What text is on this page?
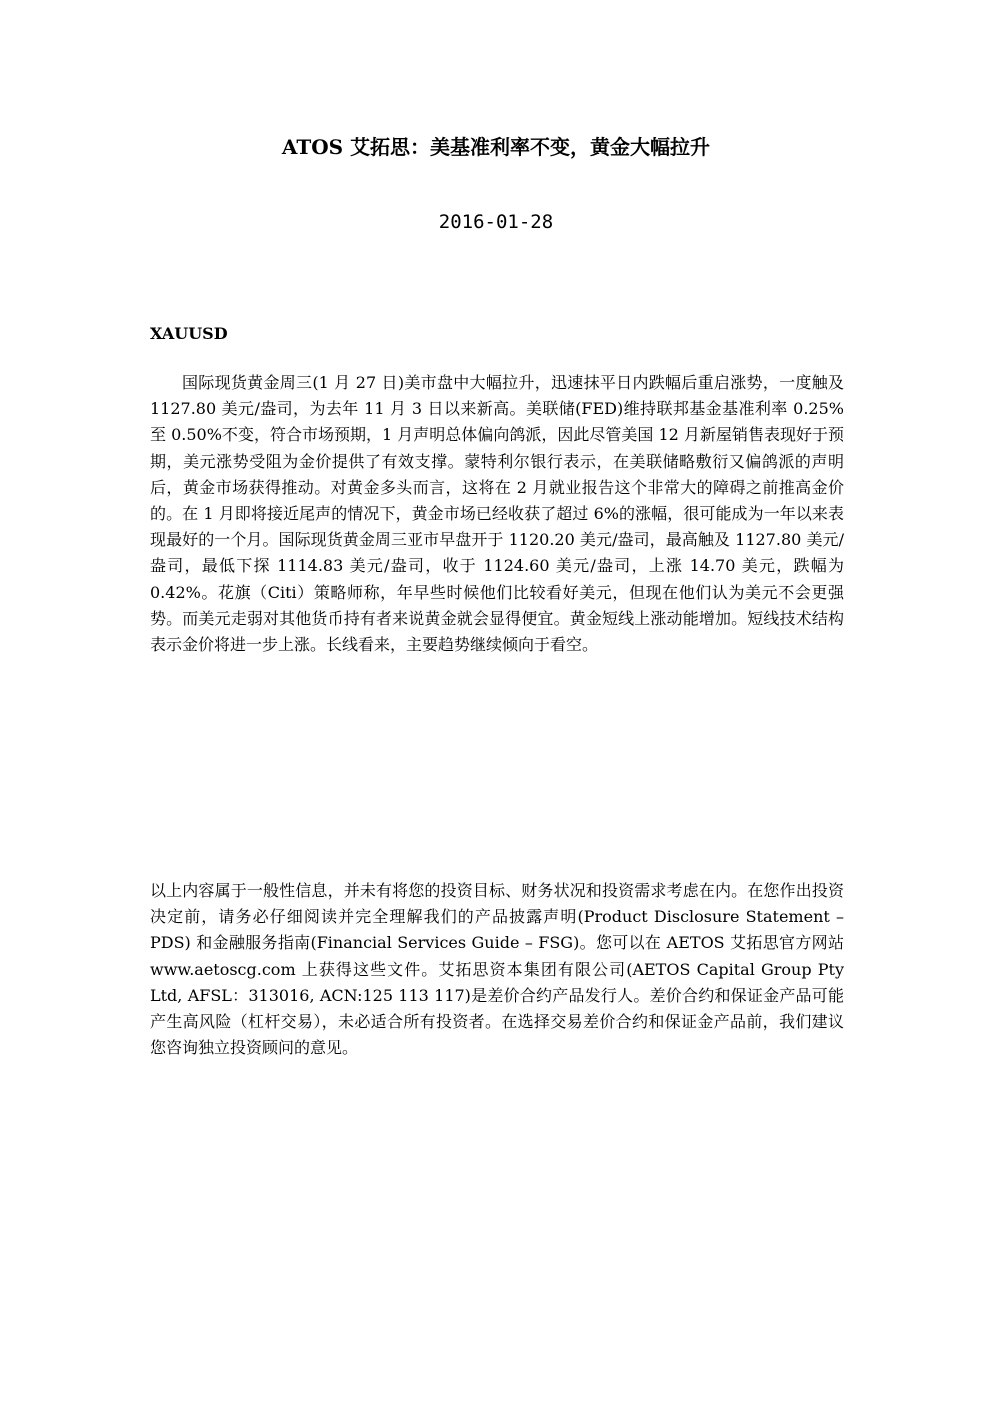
ATOS 艾拓思：美基准利率不变，黄金大幅拉升
2016-01-28
XAUUSD

国际现货黄金周三(1 月 27 日)美市盘中大幅拉升，迅速抹平日内跌幅后重启涨势，一度触及 1127.80 美元/盎司，为去年 11 月 3 日以来新高。美联储(FED)维持联邦基金基准利率 0.25%至 0.50%不变，符合市场预期，1 月声明总体偏向鸽派，因此尽管美国 12 月新屋销售表现好于预期，美元涨势受阻为金价提供了有效支撑。蒙特利尔银行表示，在美联储略敷衍又偏鸽派的声明后，黄金市场获得推动。对黄金多头而言，这将在 2 月就业报告这个非常大的障碍之前推高金价的。在 1 月即将接近尾声的情况下，黄金市场已经收获了超过 6%的涨幅，很可能成为一年以来表现最好的一个月。国际现货黄金周三亚市早盘开于 1120.20 美元/盎司，最高触及 1127.80 美元/盎司，最低下探 1114.83 美元/盎司，收于 1124.60 美元/盎司，上涨 14.70 美元，跌幅为 0.42%。花旗（Citi）策略师称，年早些时候他们比较看好美元，但现在他们认为美元不会更强势。而美元走弱对其他货币持有者来说黄金就会显得便宜。黄金短线上涨动能增加。短线技术结构表示金价将进一步上涨。长线看来，主要趋势继续倾向于看空。

以上内容属于一般性信息，并未有将您的投资目标、财务状况和投资需求考虑在内。在您作出投资决定前，请务必仔细阅读并完全理解我们的产品披露声明(Product Disclosure Statement – PDS) 和金融服务指南(Financial Services Guide – FSG)。您可以在 AETOS 艾拓思官方网站 www.aetoscg.com 上获得这些文件。艾拓思资本集团有限公司(AETOS Capital Group Pty Ltd, AFSL：313016, ACN:125 113 117)是差价合约产品发行人。差价合约和保证金产品可能产生高风险（杠杆交易），未必适合所有投资者。在选择交易差价合约和保证金产品前，我们建议您咨询独立投资顾问的意见。
